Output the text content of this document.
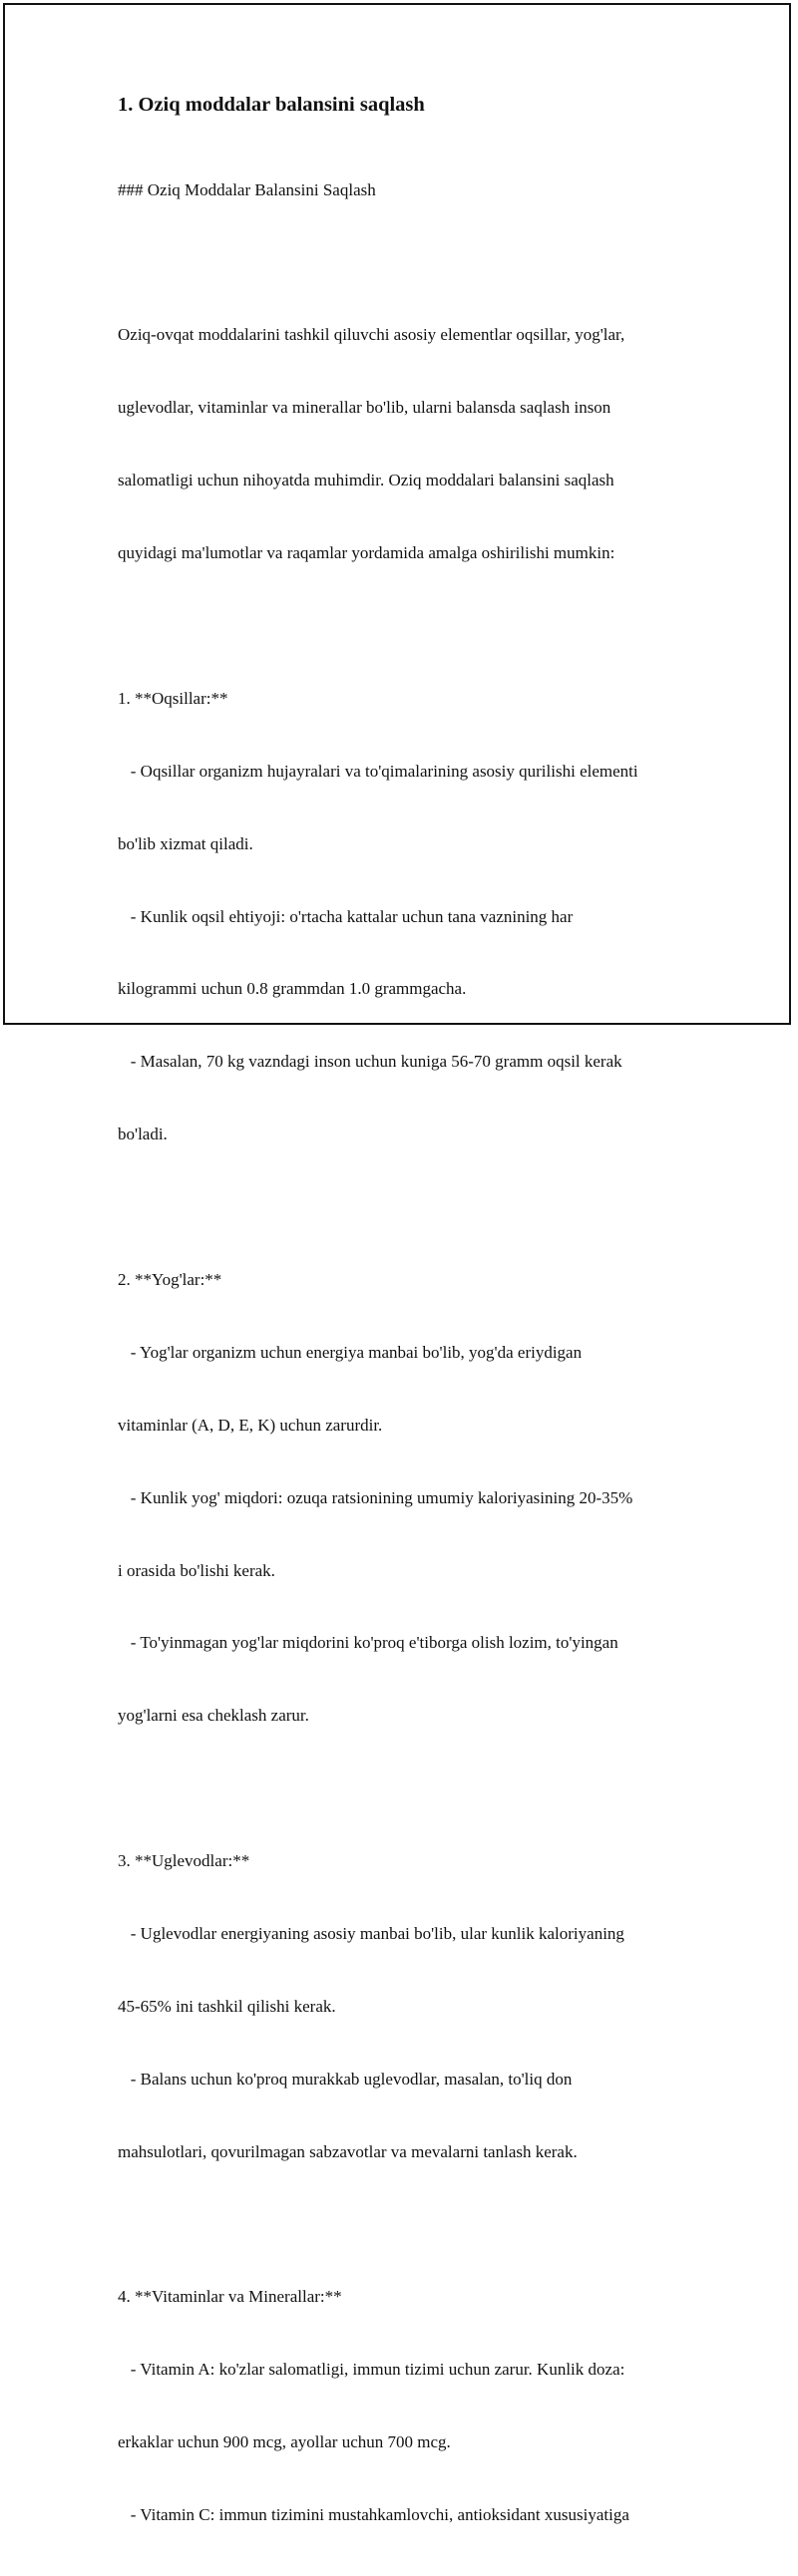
1. Oziq moddalar balansini saqlash

### Oziq Moddalar Balansini Saqlash

Oziq-ovqat moddalarini tashkil qiluvchi asosiy elementlar oqsillar, yog'lar,

uglevodlar, vitaminlar va minerallar bo'lib, ularni balansda saqlash inson

salomatligi uchun nihoyatda muhimdir. Oziq moddalari balansini saqlash

quyidagi ma'lumotlar va raqamlar yordamida amalga oshirilishi mumkin:

1. **Oqsillar:**

- Oqsillar organizm hujayralari va to'qimalarining asosiy qurilishi elementi

bo'lib xizmat qiladi.

- Kunlik oqsil ehtiyoji: o'rtacha kattalar uchun tana vaznining har

kilogrammi uchun 0.8 grammdan 1.0 grammgacha.

- Masalan, 70 kg vazndagi inson uchun kuniga 56-70 gramm oqsil kerak

bo'ladi.

2. **Yog'lar:**

- Yog'lar organizm uchun energiya manbai bo'lib, yog'da eriydigan

vitaminlar (A, D, E, K) uchun zarurdir.

- Kunlik yog' miqdori: ozuqa ratsionining umumiy kaloriyasining 20-35%

i orasida bo'lishi kerak.

- To'yinmagan yog'lar miqdorini ko'proq e'tiborga olish lozim, to'yingan

yog'larni esa cheklash zarur.

3. **Uglevodlar:**

- Uglevodlar energiyaning asosiy manbai bo'lib, ular kunlik kaloriyaning

45-65% ini tashkil qilishi kerak.

- Balans uchun ko'proq murakkab uglevodlar, masalan, to'liq don

mahsulotlari, qovurilmagan sabzavotlar va mevalarni tanlash kerak.

4. **Vitaminlar va Minerallar:**

- Vitamin A: ko'zlar salomatligi, immun tizimi uchun zarur. Kunlik doza:

erkaklar uchun 900 mcg, ayollar uchun 700 mcg.

- Vitamin C: immun tizimini mustahkamlovchi, antioksidant xususiyatiga
